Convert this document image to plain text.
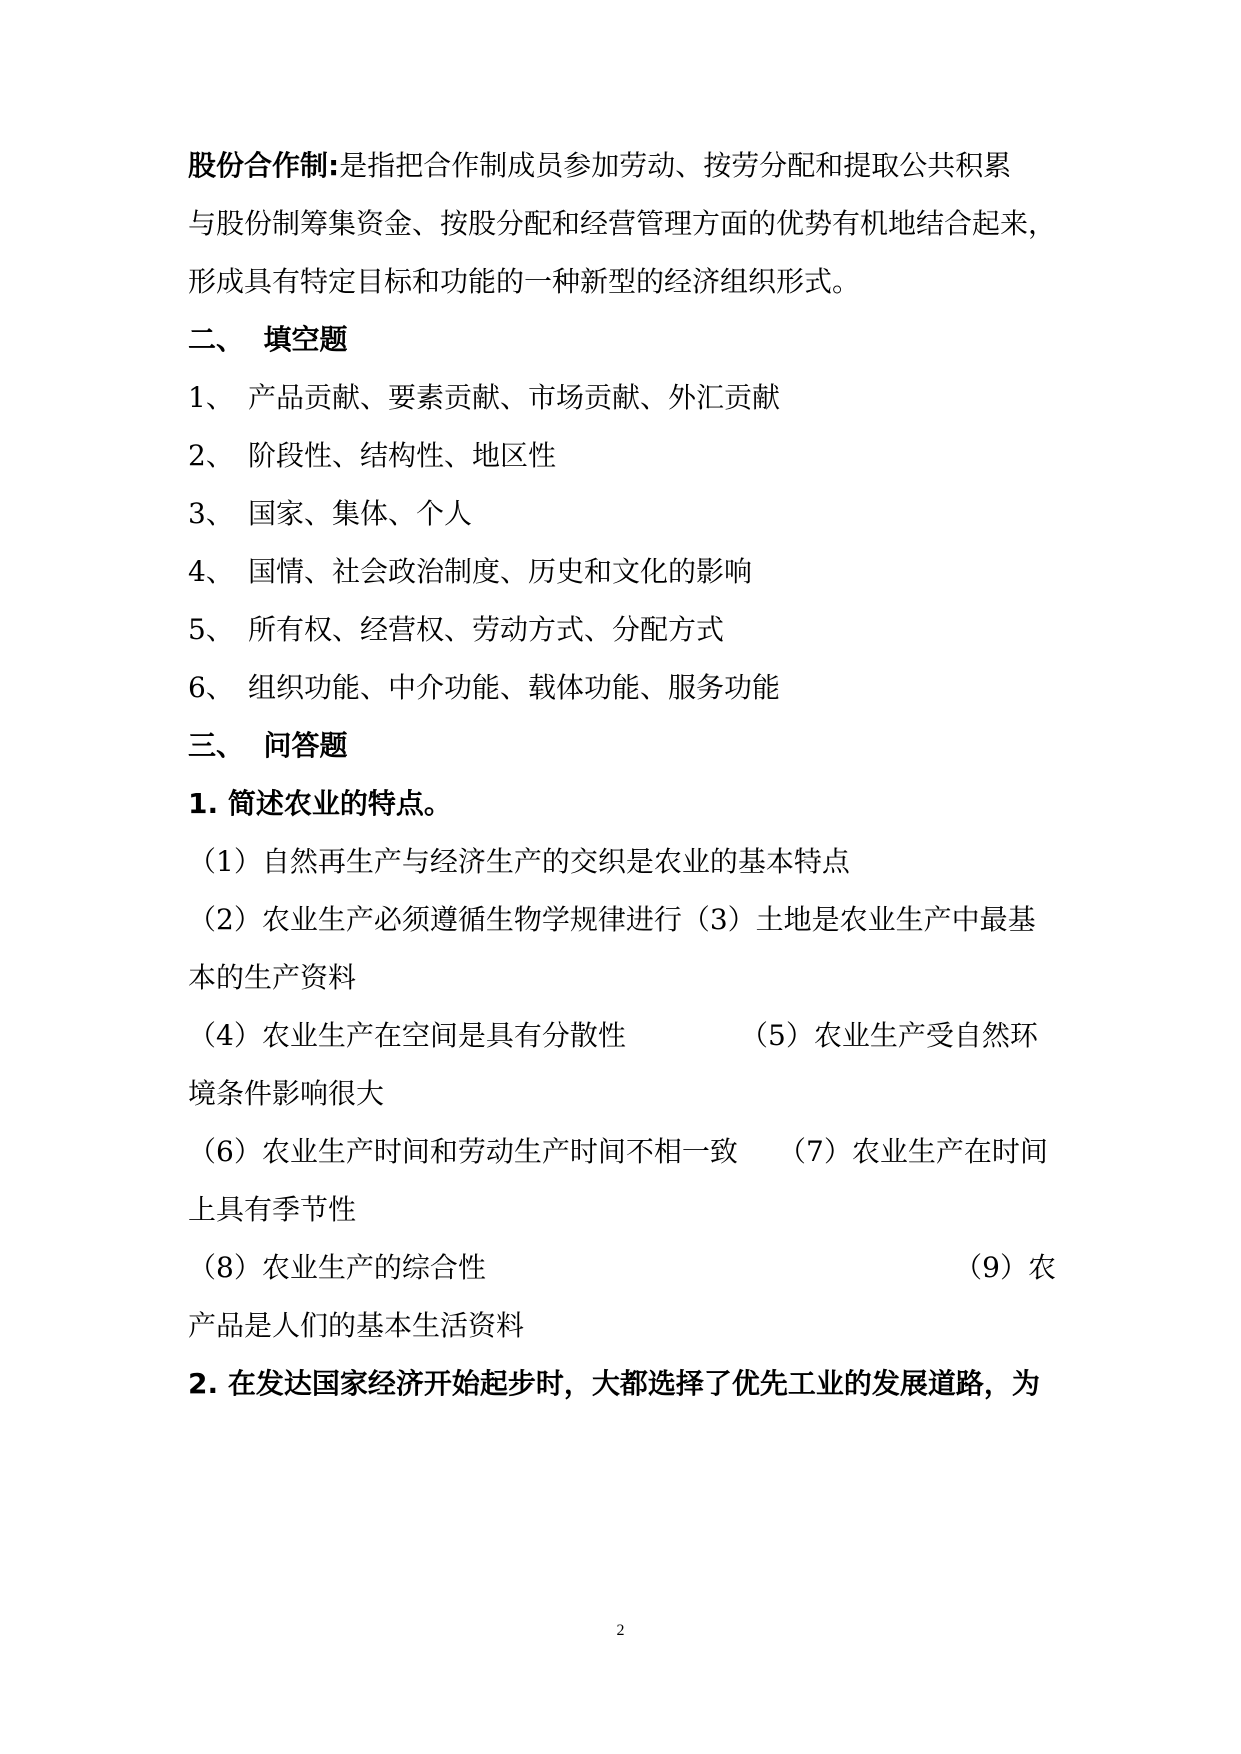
股份合作制:是指把合作制成员参加劳动、按劳分配和提取公共积累
与股份制筹集资金、按股分配和经营管理方面的优势有机地结合起来，
形成具有特定目标和功能的一种新型的经济组织形式。
二、  填空题
1、 产品贡献、要素贡献、市场贡献、外汇贡献
2、 阶段性、结构性、地区性
3、 国家、集体、个人
4、 国情、社会政治制度、历史和文化的影响
5、 所有权、经营权、劳动方式、分配方式
6、 组织功能、中介功能、载体功能、服务功能
三、  问答题
1. 简述农业的特点。
（1）自然再生产与经济生产的交织是农业的基本特点
（2）农业生产必须遵循生物学规律进行（3）土地是农业生产中最基
本的生产资料
（4）农业生产在空间是具有分散性	（5）农业生产受自然环
境条件影响很大
（6）农业生产时间和劳动生产时间不相一致 （7）农业生产在时间
上具有季节性
（8）农业生产的综合性	（9）农
产品是人们的基本生活资料
2. 在发达国家经济开始起步时，大都选择了优先工业的发展道路，为
2
